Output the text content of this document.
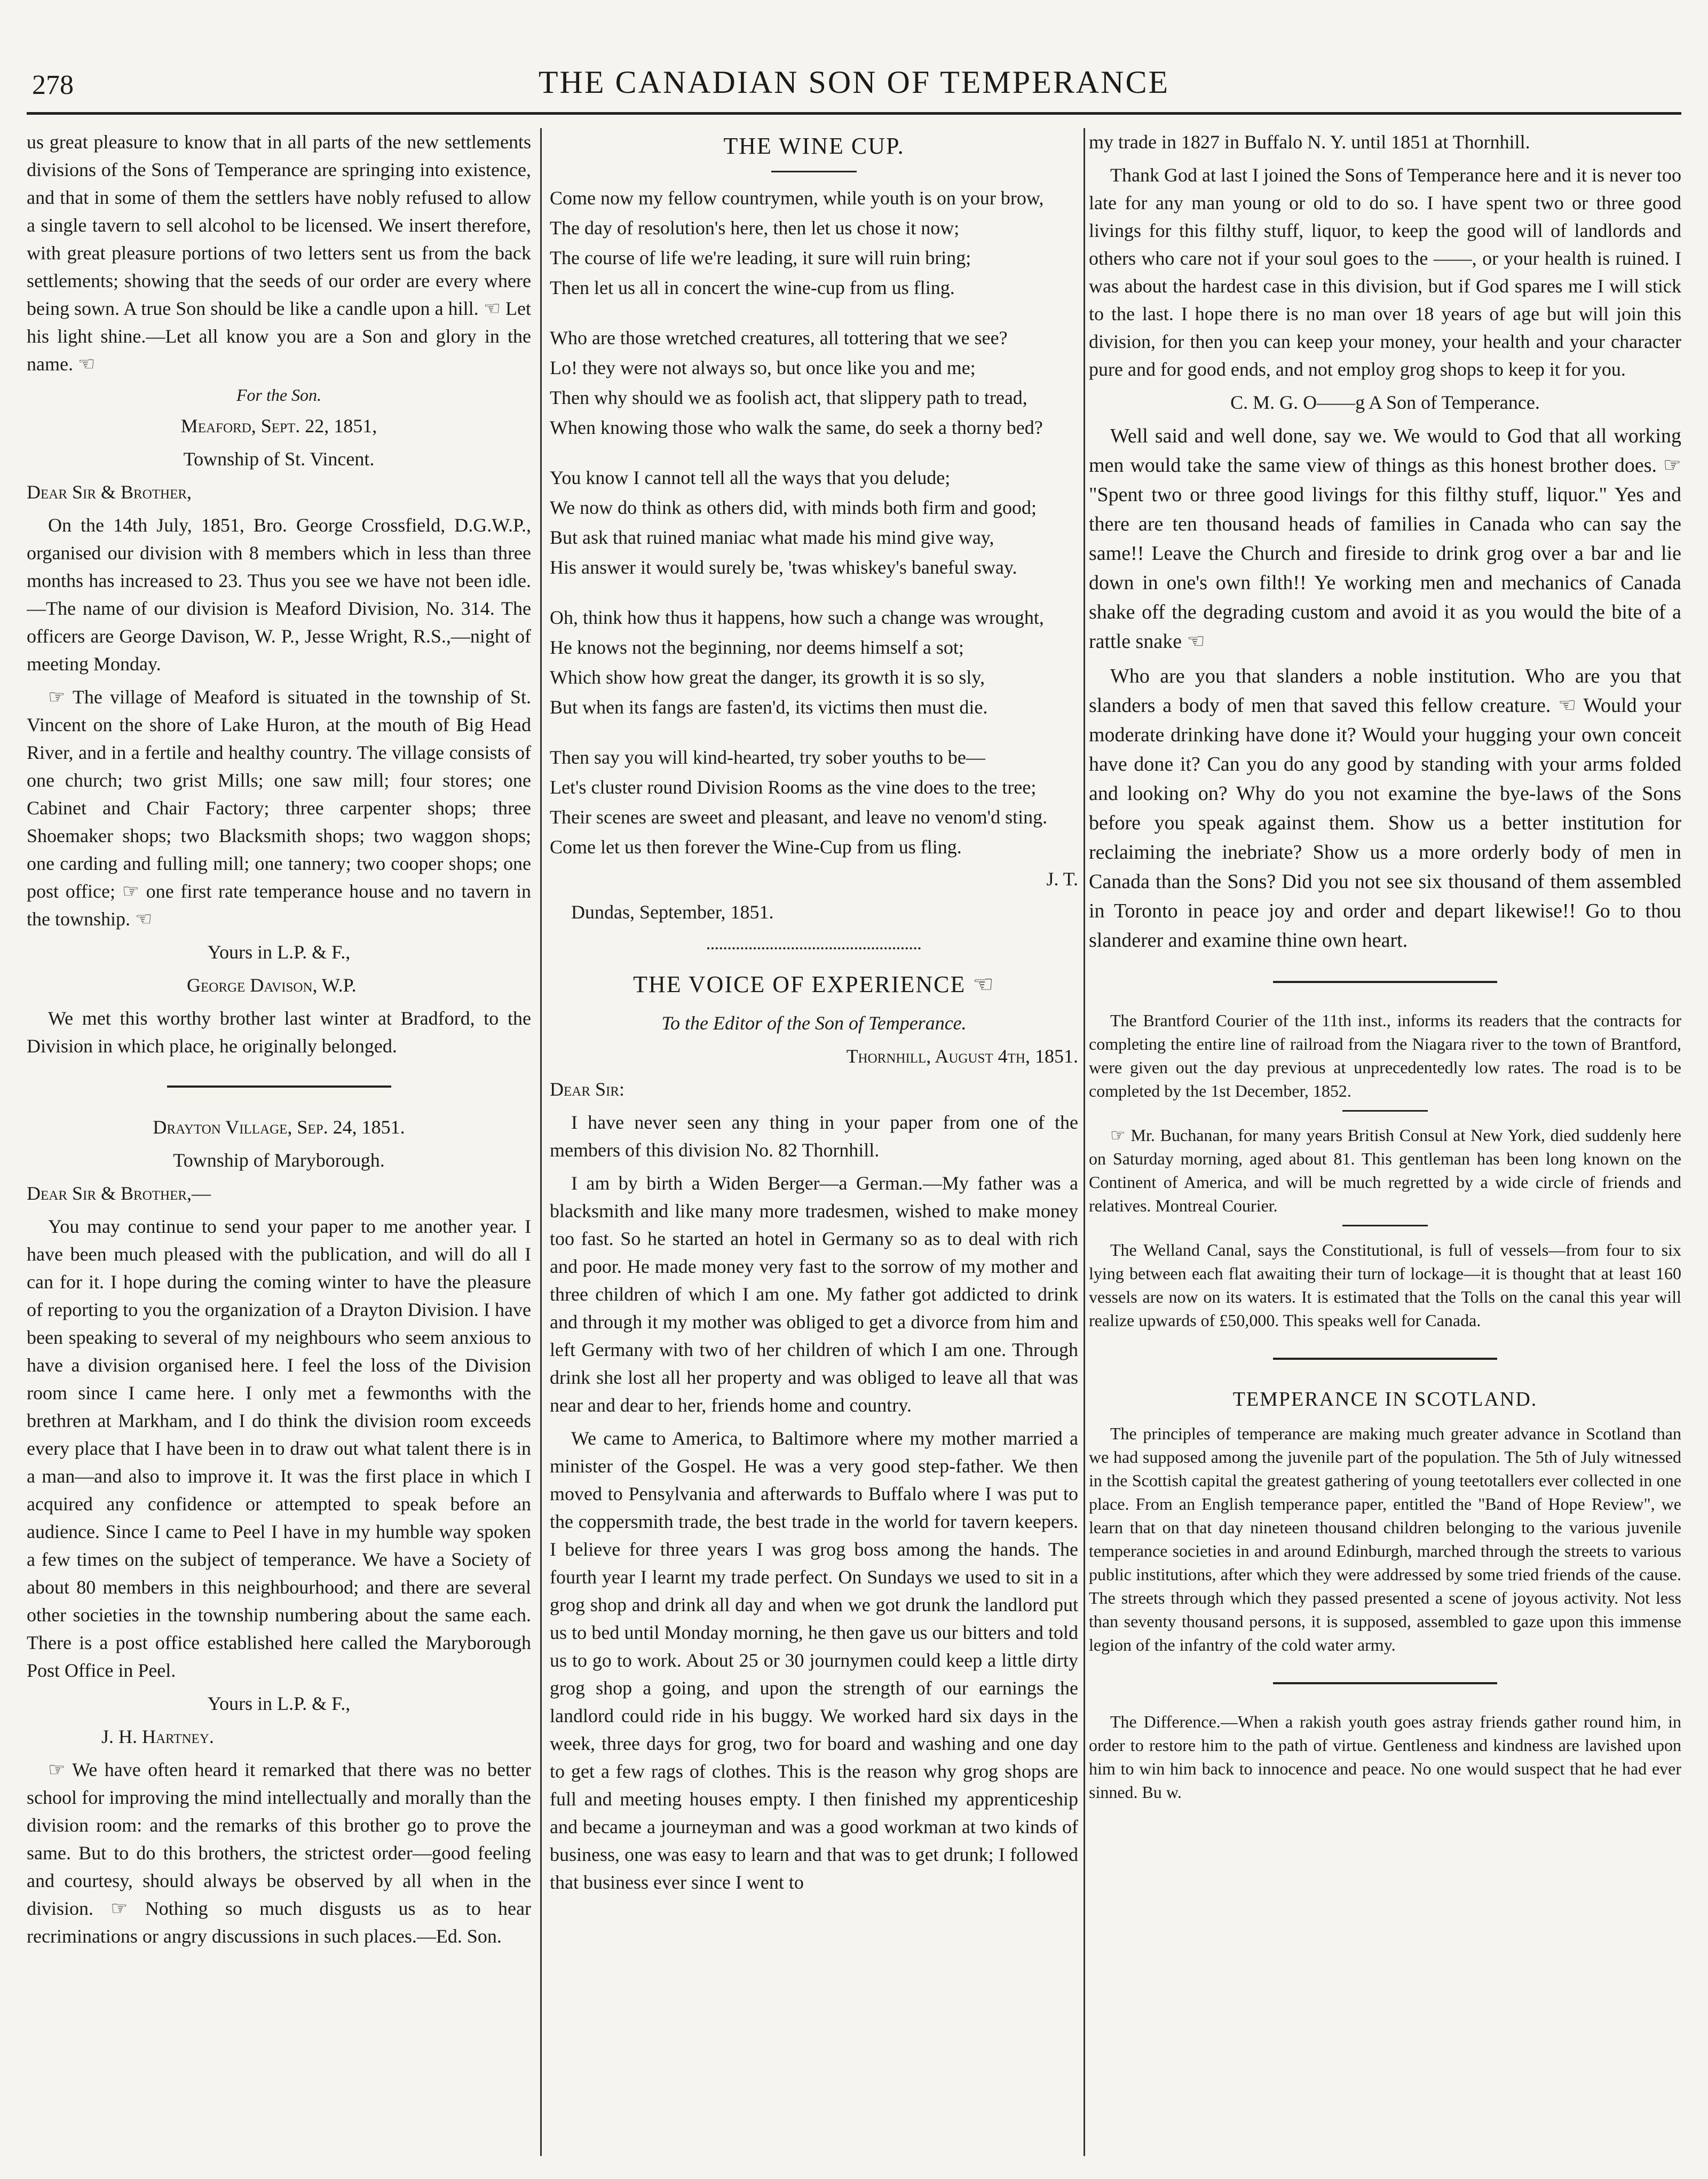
278	THE CANADIAN SON OF TEMPERANCE

us great pleasure to know that in all parts of the new settlements divisions of the Sons of Temperance are springing into existence, and that in some of them the settlers have nobly refused to allow a single tavern to sell alcohol to be licensed. We insert therefore, with great pleasure portions of two letters sent us from the back settlements; showing that the seeds of our order are every where being sown. A true Son should be like a candle upon a hill. ☜ Let his light shine.—Let all know you are a Son and glory in the name. ☜

For the Son.

Meaford, Sept. 22, 1851,

Township of St. Vincent.

Dear Sir & Brother,

On the 14th July, 1851, Bro. George Crossfield, D.G.W.P., organised our division with 8 members which in less than three months has increased to 23. Thus you see we have not been idle.—The name of our division is Meaford Division, No. 314. The officers are George Davison, W. P., Jesse Wright, R.S.,—night of meeting Monday.

☞ The village of Meaford is situated in the township of St. Vincent on the shore of Lake Huron, at the mouth of Big Head River, and in a fertile and healthy country. The village consists of one church; two grist Mills; one saw mill; four stores; one Cabinet and Chair Factory; three carpenter shops; three Shoemaker shops; two Blacksmith shops; two waggon shops; one carding and fulling mill; one tannery; two cooper shops; one post office; ☞ one first rate temperance house and no tavern in the township. ☜

Yours in L.P. & F.,

George Davison, W.P.

We met this worthy brother last winter at Bradford, to the Division in which place, he originally belonged.

Drayton Village, Sep. 24, 1851.

Township of Maryborough.

Dear Sir & Brother,—

You may continue to send your paper to me another year. I have been much pleased with the publication, and will do all I can for it. I hope during the coming winter to have the pleasure of reporting to you the organization of a Drayton Division. I have been speaking to several of my neighbours who seem anxious to have a division organised here. I feel the loss of the Division room since I came here. I only met a fewmonths with the brethren at Markham, and I do think the division room exceeds every place that I have been in to draw out what talent there is in a man—and also to improve it. It was the first place in which I acquired any confidence or attempted to speak before an audience. Since I came to Peel I have in my humble way spoken a few times on the subject of temperance. We have a Society of about 80 members in this neighbourhood; and there are several other societies in the township numbering about the same each. There is a post office established here called the Maryborough Post Office in Peel.

Yours in L.P. & F.,

J. H. Hartney.

☞ We have often heard it remarked that there was no better school for improving the mind intellectually and morally than the division room: and the remarks of this brother go to prove the same. But to do this brothers, the strictest order—good feeling and courtesy, should always be observed by all when in the division. ☞ Nothing so much disgusts us as to hear recriminations or angry discussions in such places.—Ed. Son.

THE WINE CUP.

Come now my fellow countrymen, while youth is on your brow,

The day of resolution's here, then let us chose it now;

The course of life we're leading, it sure will ruin bring;

Then let us all in concert the wine-cup from us fling.

Who are those wretched creatures, all tottering that we see?

Lo! they were not always so, but once like you and me;

Then why should we as foolish act, that slippery path to tread,

When knowing those who walk the same, do seek a thorny bed?

You know I cannot tell all the ways that you delude;

We now do think as others did, with minds both firm and good;

But ask that ruined maniac what made his mind give way,

His answer it would surely be, 'twas whiskey's baneful sway.

Oh, think how thus it happens, how such a change was wrought,

He knows not the beginning, nor deems himself a sot;

Which show how great the danger, its growth it is so sly,

But when its fangs are fasten'd, its victims then must die.

Then say you will kind-hearted, try sober youths to be—

Let's cluster round Division Rooms as the vine does to the tree;

Their scenes are sweet and pleasant, and leave no venom'd sting.

Come let us then forever the Wine-Cup from us fling.

J. T.

Dundas, September, 1851.

THE VOICE OF EXPERIENCE ☜

To the Editor of the Son of Temperance.

Thornhill, August 4th, 1851.

Dear Sir:

I have never seen any thing in your paper from one of the members of this division No. 82 Thornhill.

I am by birth a Widen Berger—a German.—My father was a blacksmith and like many more tradesmen, wished to make money too fast. So he started an hotel in Germany so as to deal with rich and poor. He made money very fast to the sorrow of my mother and three children of which I am one. My father got addicted to drink and through it my mother was obliged to get a divorce from him and left Germany with two of her children of which I am one. Through drink she lost all her property and was obliged to leave all that was near and dear to her, friends home and country.

We came to America, to Baltimore where my mother married a minister of the Gospel. He was a very good step-father. We then moved to Pensylvania and afterwards to Buffalo where I was put to the coppersmith trade, the best trade in the world for tavern keepers. I believe for three years I was grog boss among the hands. The fourth year I learnt my trade perfect. On Sundays we used to sit in a grog shop and drink all day and when we got drunk the landlord put us to bed until Monday morning, he then gave us our bitters and told us to go to work. About 25 or 30 journymen could keep a little dirty grog shop a going, and upon the strength of our earnings the landlord could ride in his buggy. We worked hard six days in the week, three days for grog, two for board and washing and one day to get a few rags of clothes. This is the reason why grog shops are full and meeting houses empty. I then finished my apprenticeship and became a journeyman and was a good workman at two kinds of business, one was easy to learn and that was to get drunk; I followed that business ever since I went to

my trade in 1827 in Buffalo N. Y. until 1851 at Thornhill.

Thank God at last I joined the Sons of Temperance here and it is never too late for any man young or old to do so. I have spent two or three good livings for this filthy stuff, liquor, to keep the good will of landlords and others who care not if your soul goes to the ——, or your health is ruined. I was about the hardest case in this division, but if God spares me I will stick to the last. I hope there is no man over 18 years of age but will join this division, for then you can keep your money, your health and your character pure and for good ends, and not employ grog shops to keep it for you.

C. M. G. O——g A Son of Temperance.

Well said and well done, say we. We would to God that all working men would take the same view of things as this honest brother does. ☞ "Spent two or three good livings for this filthy stuff, liquor." Yes and there are ten thousand heads of families in Canada who can say the same!! Leave the Church and fireside to drink grog over a bar and lie down in one's own filth!! Ye working men and mechanics of Canada shake off the degrading custom and avoid it as you would the bite of a rattle snake ☜

Who are you that slanders a noble institution. Who are you that slanders a body of men that saved this fellow creature. ☜ Would your moderate drinking have done it? Would your hugging your own conceit have done it? Can you do any good by standing with your arms folded and looking on? Why do you not examine the bye-laws of the Sons before you speak against them. Show us a better institution for reclaiming the inebriate? Show us a more orderly body of men in Canada than the Sons? Did you not see six thousand of them assembled in Toronto in peace joy and order and depart likewise!! Go to thou slanderer and examine thine own heart.

The Brantford Courier of the 11th inst., informs its readers that the contracts for completing the entire line of railroad from the Niagara river to the town of Brantford, were given out the day previous at unprecedentedly low rates. The road is to be completed by the 1st December, 1852.

☞ Mr. Buchanan, for many years British Consul at New York, died suddenly here on Saturday morning, aged about 81. This gentleman has been long known on the Continent of America, and will be much regretted by a wide circle of friends and relatives. Montreal Courier.

The Welland Canal, says the Constitutional, is full of vessels—from four to six lying between each flat awaiting their turn of lockage—it is thought that at least 160 vessels are now on its waters. It is estimated that the Tolls on the canal this year will realize upwards of £50,000. This speaks well for Canada.

TEMPERANCE IN SCOTLAND.

The principles of temperance are making much greater advance in Scotland than we had supposed among the juvenile part of the population. The 5th of July witnessed in the Scottish capital the greatest gathering of young teetotallers ever collected in one place. From an English temperance paper, entitled the "Band of Hope Review", we learn that on that day nineteen thousand children belonging to the various juvenile temperance societies in and around Edinburgh, marched through the streets to various public institutions, after which they were addressed by some tried friends of the cause. The streets through which they passed presented a scene of joyous activity. Not less than seventy thousand persons, it is supposed, assembled to gaze upon this immense legion of the infantry of the cold water army.

The Difference.—When a rakish youth goes astray friends gather round him, in order to restore him to the path of virtue. Gentleness and kindness are lavished upon him to win him back to innocence and peace. No one would suspect that he had ever sinned. Bu w.
